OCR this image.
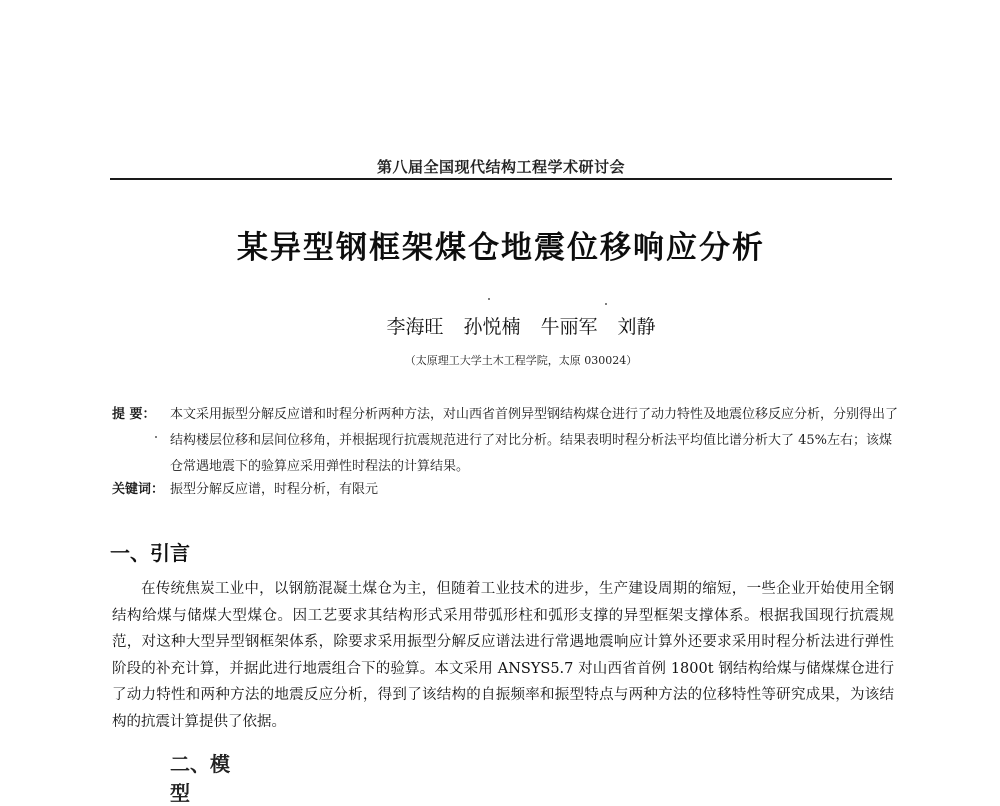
第八届全国现代结构工程学术研讨会
某异型钢框架煤仓地震位移响应分析
李海旺 孙悦楠 牛丽军 刘静
（太原理工大学土木工程学院，太原 030024）
提 要：	本文采用振型分解反应谱和时程分析两种方法，对山西省首例异型钢结构煤仓进行了动力特性及地震位移反应分析，分别得出了结构楼层位移和层间位移角，并根据现行抗震规范进行了对比分析。结果表明时程分析法平均值比谱分析大了 45%左右；该煤仓常遇地震下的验算应采用弹性时程法的计算结果。
关键词： 振型分解反应谱，时程分析，有限元
一、引言
在传统焦炭工业中，以钢筋混凝土煤仓为主，但随着工业技术的进步，生产建设周期的缩短，一些企业开始使用全钢结构给煤与储煤大型煤仓。因工艺要求其结构形式采用带弧形柱和弧形支撑的异型框架支撑体系。根据我国现行抗震规范，对这种大型异型钢框架体系，除要求采用振型分解反应谱法进行常遇地震响应计算外还要求采用时程分析法进行弹性阶段的补充计算，并据此进行地震组合下的验算。本文采用 ANSYS5.7 对山西省首例 1800t 钢结构给煤与储煤煤仓进行了动力特性和两种方法的地震反应分析，得到了该结构的自振频率和振型特点与两种方法的位移特性等研究成果，为该结构的抗震计算提供了依据。
二、模型
